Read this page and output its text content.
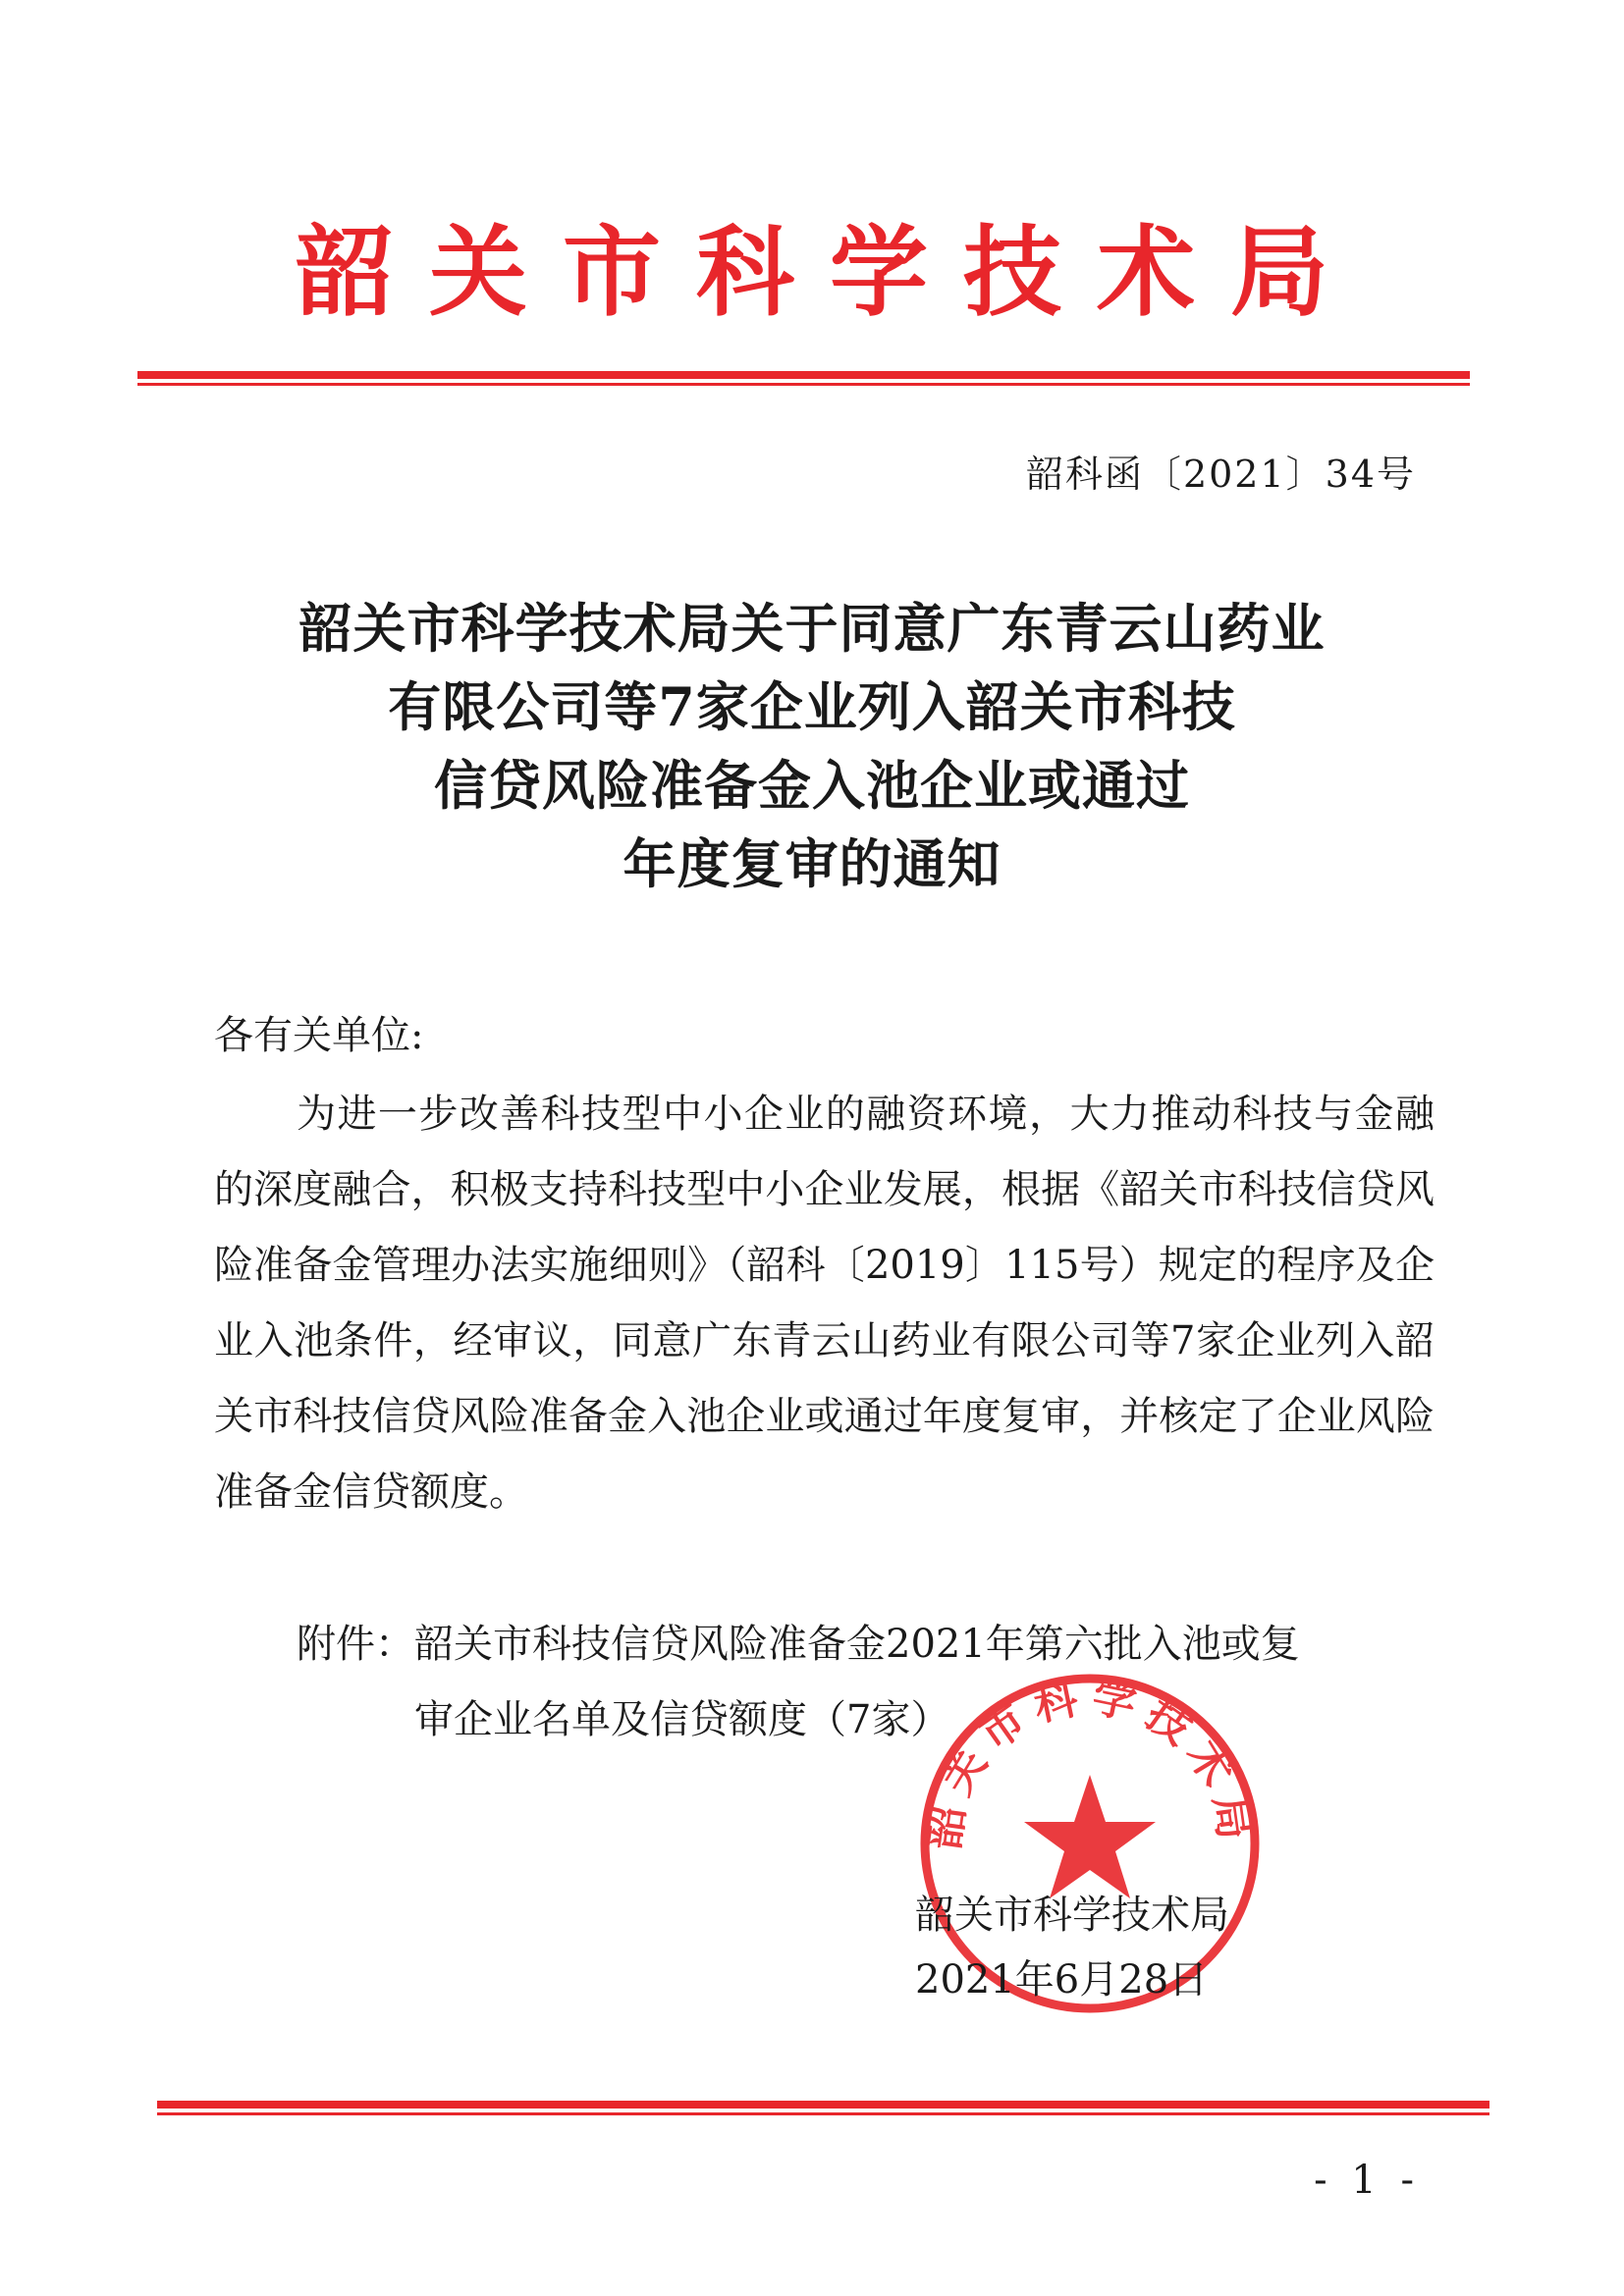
韶关市科学技术局
韶科函〔2021〕34号
韶关市科学技术局关于同意广东青云山药业
有限公司等7家企业列入韶关市科技
信贷风险准备金入池企业或通过
年度复审的通知
各有关单位:
为进一步改善科技型中小企业的融资环境，大力推动科技与金融的深度融合，积极支持科技型中小企业发展，根据《韶关市科技信贷风险准备金管理办法实施细则》（韶科〔2019〕115号）规定的程序及企业入池条件，经审议，同意广东青云山药业有限公司等7家企业列入韶关市科技信贷风险准备金入池企业或通过年度复审，并核定了企业风险准备金信贷额度。
附件：韶关市科技信贷风险准备金2021年第六批入池或复
审企业名单及信贷额度（7家）
韶关市科学技术局
韶关市科学技术局
2021年6月28日
- 1 -
